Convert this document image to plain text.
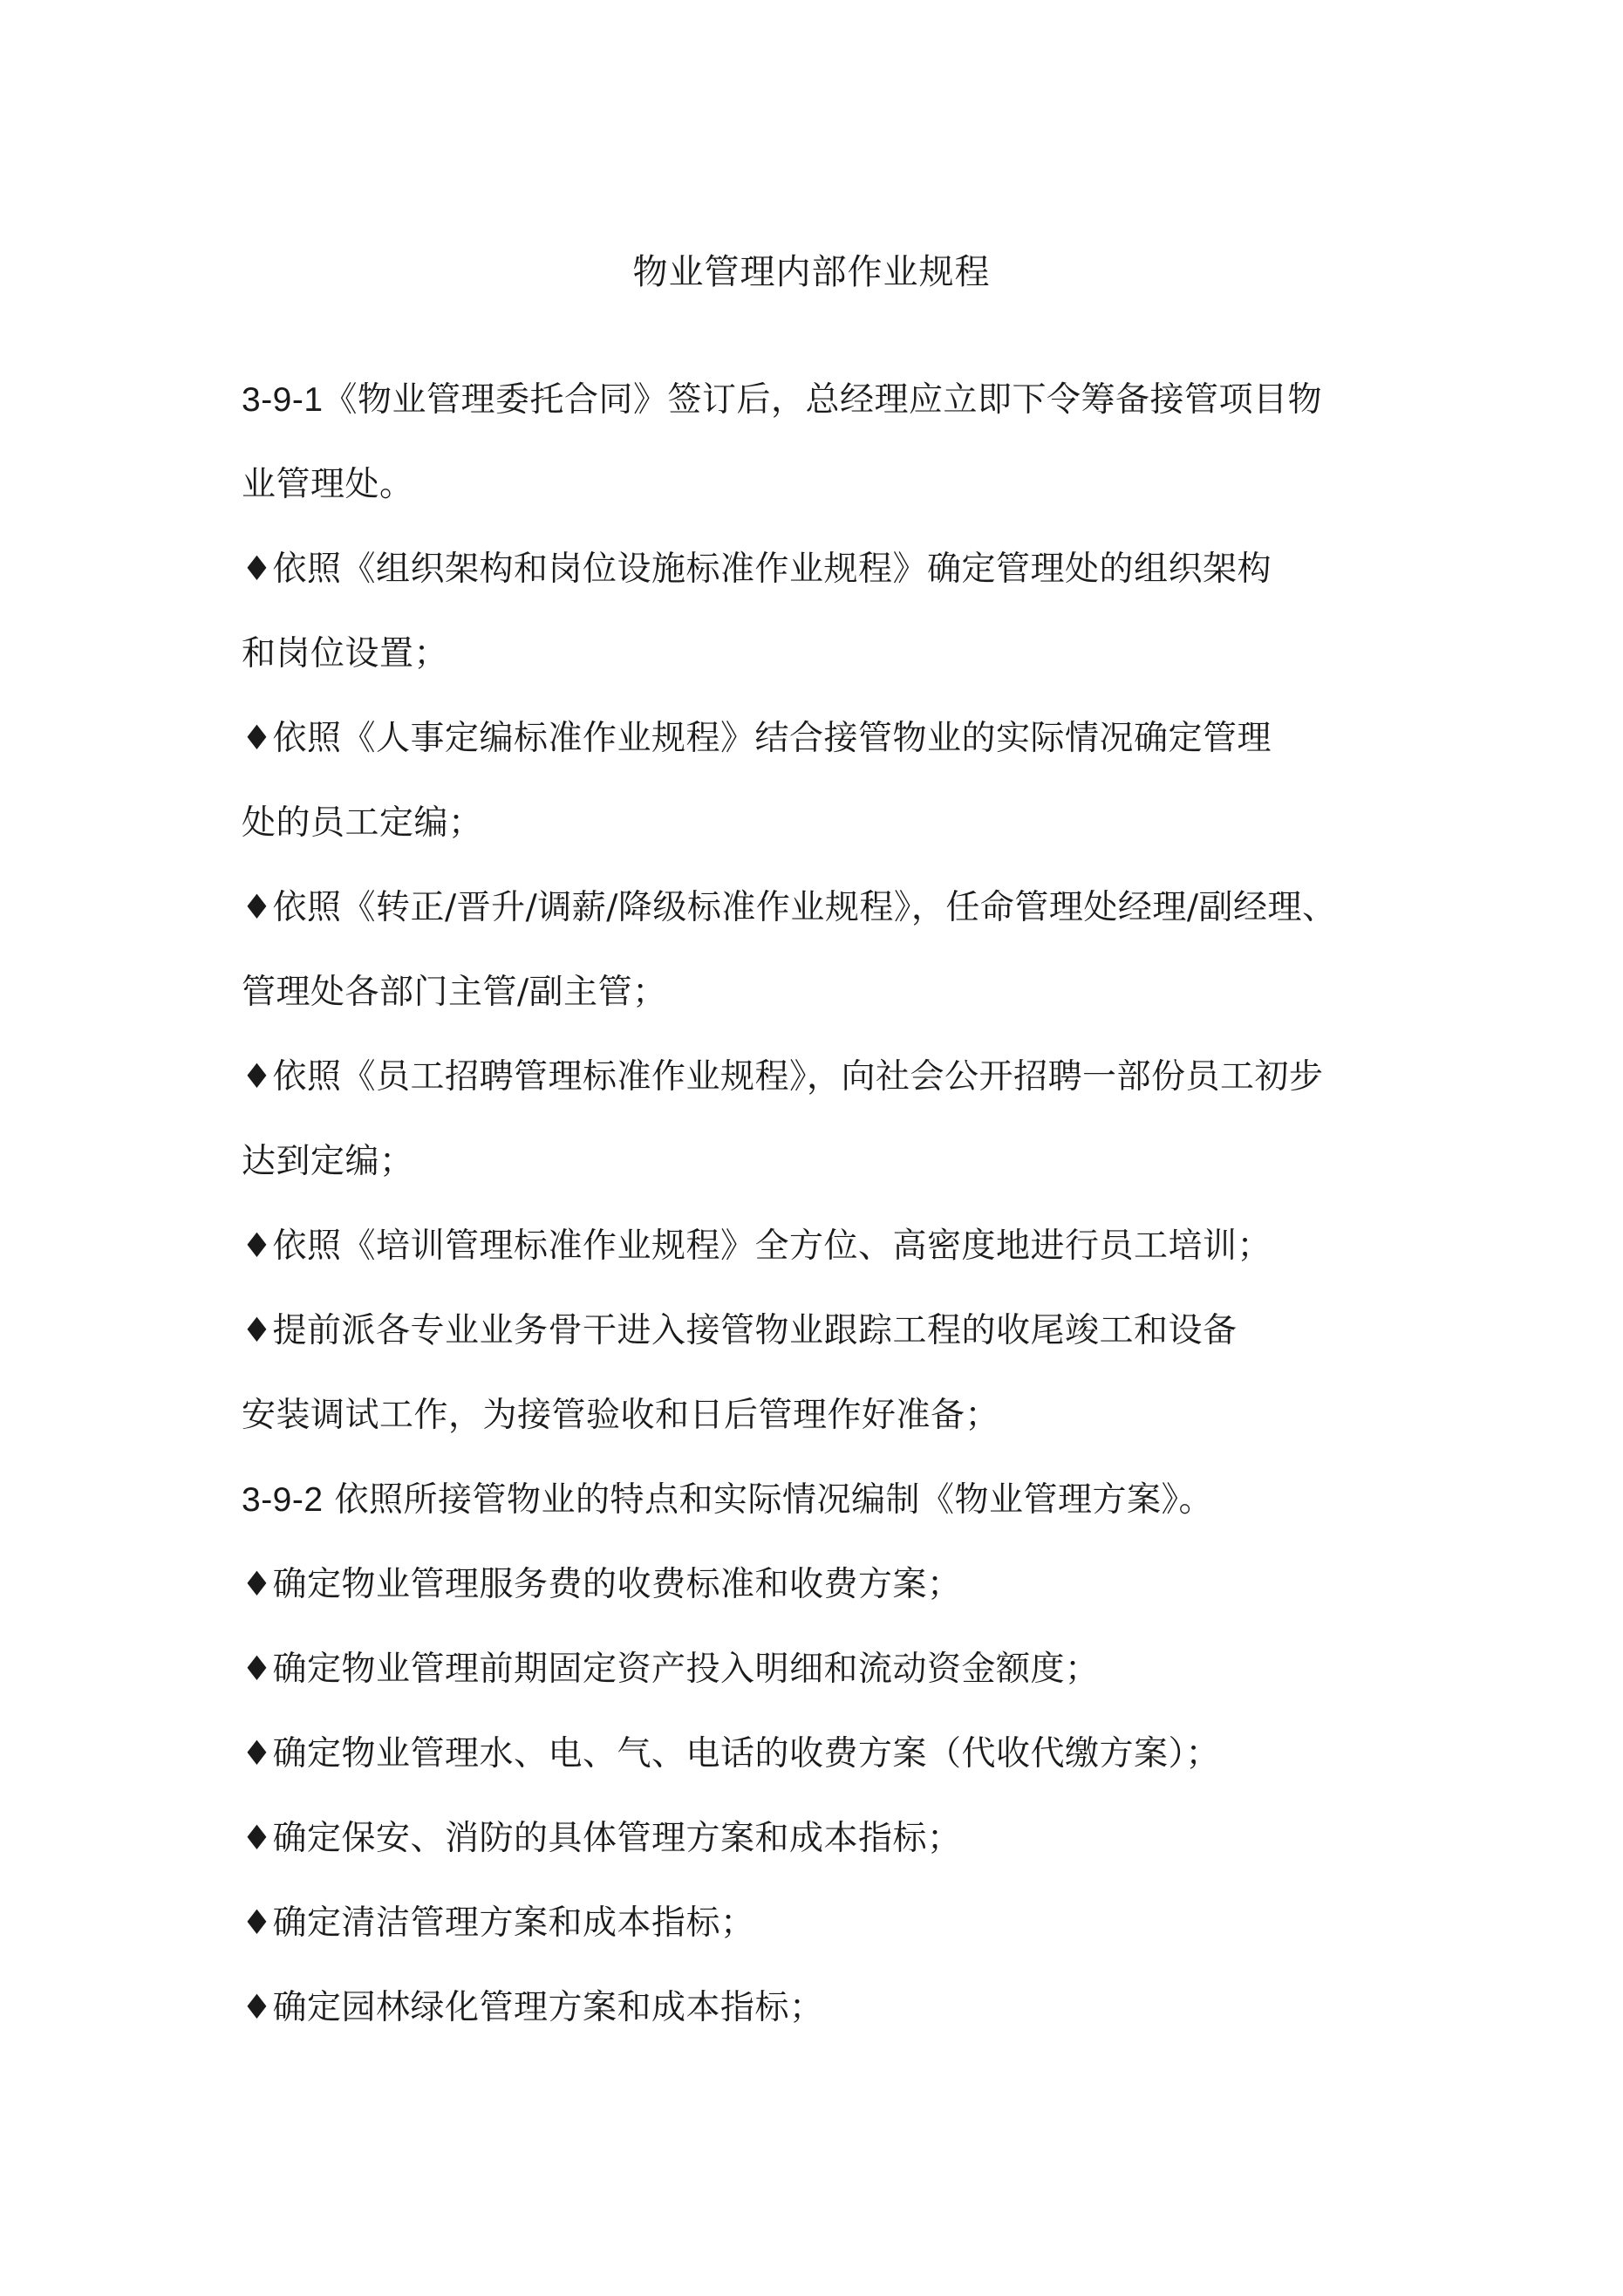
物业管理内部作业规程
3-9-1《物业管理委托合同》签订后，总经理应立即下令筹备接管项目物
业管理处。
♦依照《组织架构和岗位设施标准作业规程》确定管理处的组织架构
和岗位设置；
♦依照《人事定编标准作业规程》结合接管物业的实际情况确定管理
处的员工定编；
♦依照《转正/晋升/调薪/降级标准作业规程》，任命管理处经理/副经理、
管理处各部门主管/副主管；
♦依照《员工招聘管理标准作业规程》，向社会公开招聘一部份员工初步
达到定编；
♦依照《培训管理标准作业规程》全方位、高密度地进行员工培训；
♦提前派各专业业务骨干进入接管物业跟踪工程的收尾竣工和设备
安装调试工作，为接管验收和日后管理作好准备；
3-9-2 依照所接管物业的特点和实际情况编制《物业管理方案》。
♦确定物业管理服务费的收费标准和收费方案；
♦确定物业管理前期固定资产投入明细和流动资金额度；
♦确定物业管理水、电、气、电话的收费方案（代收代缴方案）；
♦确定保安、消防的具体管理方案和成本指标；
♦确定清洁管理方案和成本指标；
♦确定园林绿化管理方案和成本指标；
